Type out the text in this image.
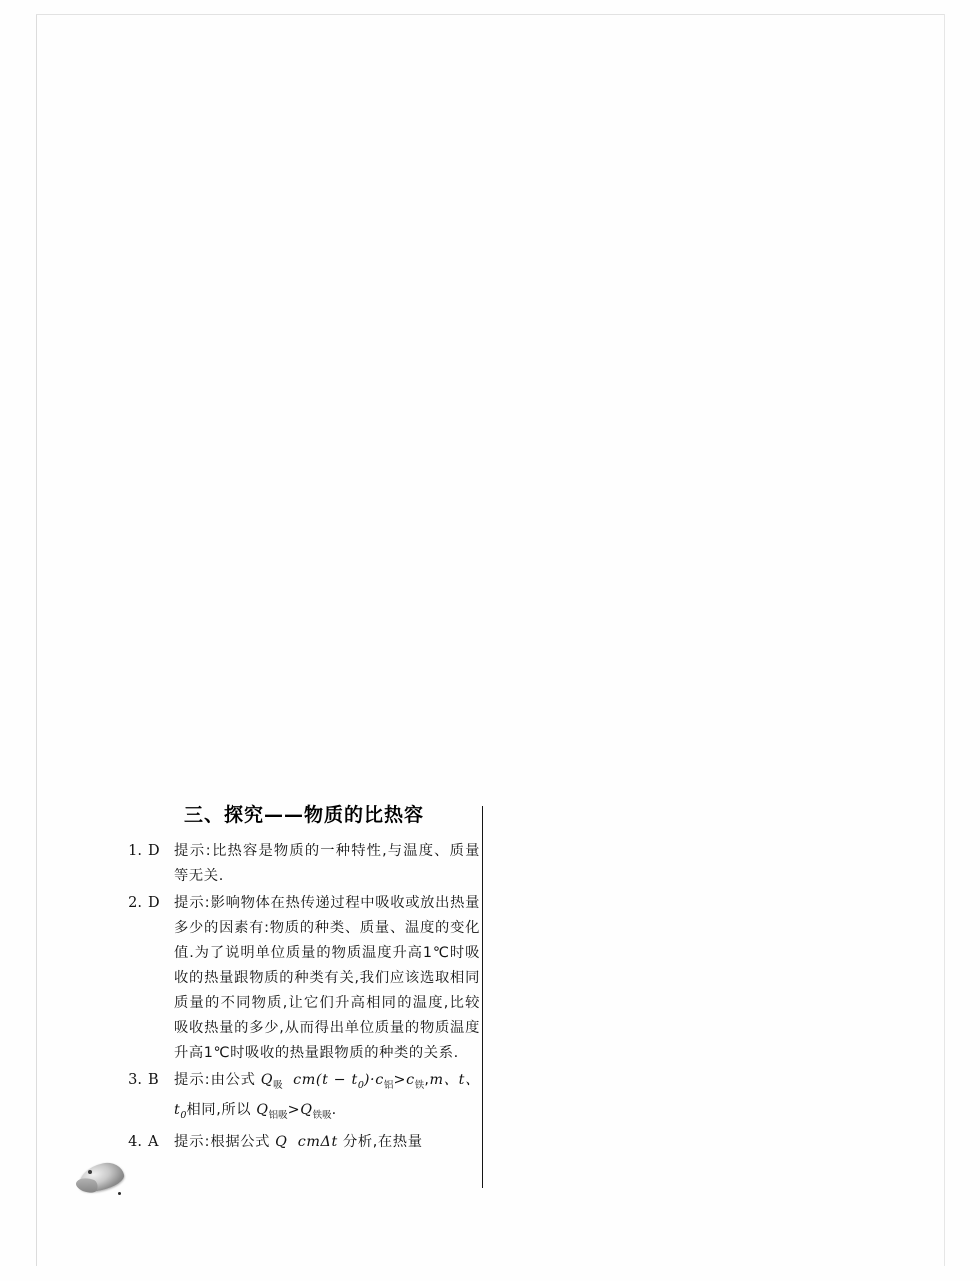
三、探究——物质的比热容
1. D	提示:比热容是物质的一种特性,与温度、质量等无关.
2. D	提示:影响物体在热传递过程中吸收或放出热量多少的因素有:物质的种类、质量、温度的变化值.为了说明单位质量的物质温度升高1℃时吸收的热量跟物质的种类有关,我们应该选取相同质量的不同物质,让它们升高相同的温度,比较吸收热量的多少,从而得出单位质量的物质温度升高1℃时吸收的热量跟物质的种类的关系.
3. B	提示:由公式 $Q_吸$  $cm(t - t_0)\cdot c_铝>c_铁,m$、t、$t_0$相同,所以 $Q_{铝吸}>Q_{铁吸}$.
4. A	提示:根据公式 Q  cmΔt 分析,在热量
